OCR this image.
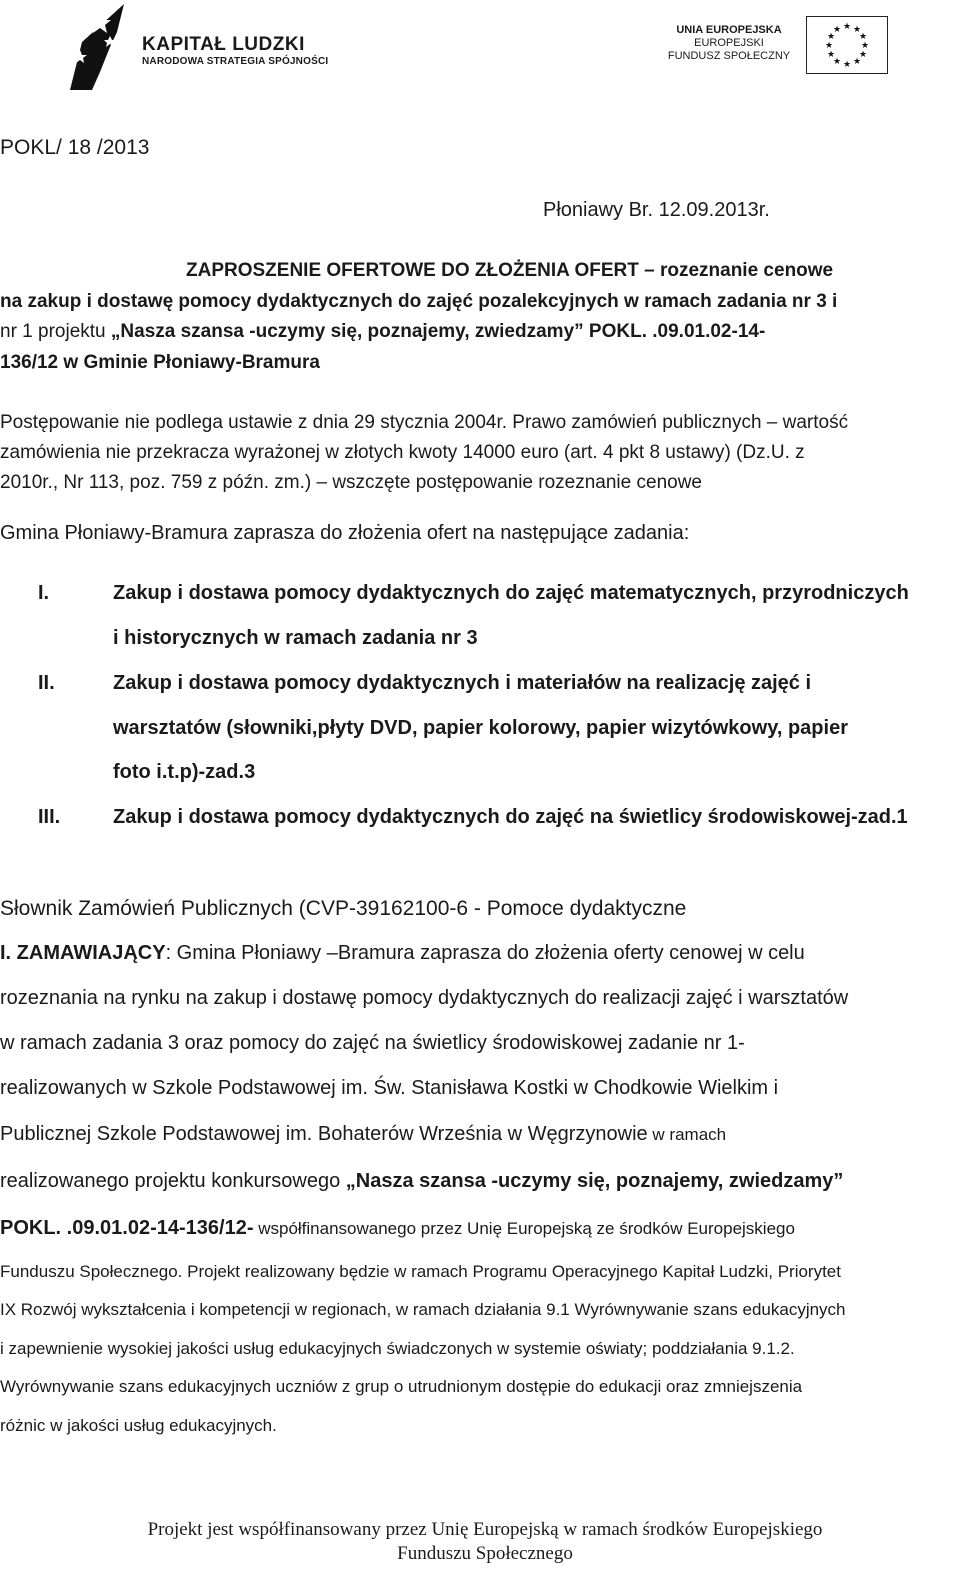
KAPITAŁ LUDZKI
NARODOWA STRATEGIA SPÓJNOŚCI
UNIA EUROPEJSKA
EUROPEJSKI
FUNDUSZ SPOŁECZNY
★ ★
★
★
★
★
★
★
★
★
★
★
POKL/ 18 /2013
Płoniawy Br. 12.09.2013r.
ZAPROSZENIE OFERTOWE DO ZŁOŻENIA OFERT – rozeznanie cenowe
na zakup i dostawę pomocy dydaktycznych do zajęć pozalekcyjnych w ramach zadania nr 3 i
nr 1 projektu „Nasza szansa -uczymy się, poznajemy, zwiedzamy” POKL. .09.01.02-14-
136/12 w Gminie Płoniawy-Bramura
Postępowanie nie podlega ustawie z dnia 29 stycznia 2004r. Prawo zamówień publicznych – wartość
zamówienia nie przekracza wyrażonej w złotych kwoty 14000 euro (art. 4 pkt 8 ustawy) (Dz.U. z
2010r., Nr 113, poz. 759 z późn. zm.) – wszczęte postępowanie rozeznanie cenowe
Gmina Płoniawy-Bramura zaprasza do złożenia ofert na następujące zadania:
I.	Zakup i dostawa pomocy dydaktycznych do zajęć matematycznych, przyrodniczych
i historycznych w ramach zadania nr 3
II.	Zakup i dostawa pomocy dydaktycznych i materiałów na realizację zajęć i
warsztatów (słowniki,płyty DVD, papier kolorowy, papier wizytówkowy, papier
foto i.t.p)-zad.3
III.	Zakup i dostawa pomocy dydaktycznych do zajęć na świetlicy środowiskowej-zad.1
Słownik Zamówień Publicznych (CVP-39162100-6 - Pomoce dydaktyczne
I. ZAMAWIAJĄCY: Gmina Płoniawy –Bramura zaprasza do złożenia oferty cenowej w celu
rozeznania na rynku na zakup i dostawę pomocy dydaktycznych do realizacji zajęć i warsztatów
w ramach zadania 3 oraz pomocy do zajęć na świetlicy środowiskowej zadanie nr 1-
realizowanych w Szkole Podstawowej im. Św. Stanisława Kostki w Chodkowie Wielkim i
Publicznej Szkole Podstawowej im. Bohaterów Września w Węgrzynowie w ramach
realizowanego projektu konkursowego „Nasza szansa -uczymy się, poznajemy, zwiedzamy”
POKL. .09.01.02-14-136/12- współfinansowanego przez Unię Europejską ze środków Europejskiego
Funduszu Społecznego. Projekt realizowany będzie w ramach Programu Operacyjnego Kapitał Ludzki, Priorytet
IX Rozwój wykształcenia i kompetencji w regionach, w ramach działania 9.1 Wyrównywanie szans edukacyjnych
i zapewnienie wysokiej jakości usług edukacyjnych świadczonych w systemie oświaty; poddziałania 9.1.2.
Wyrównywanie szans edukacyjnych uczniów z grup o utrudnionym dostępie do edukacji oraz zmniejszenia
różnic w jakości usług edukacyjnych.
Projekt jest współfinansowany przez Unię Europejską w ramach środków Europejskiego
Funduszu Społecznego
